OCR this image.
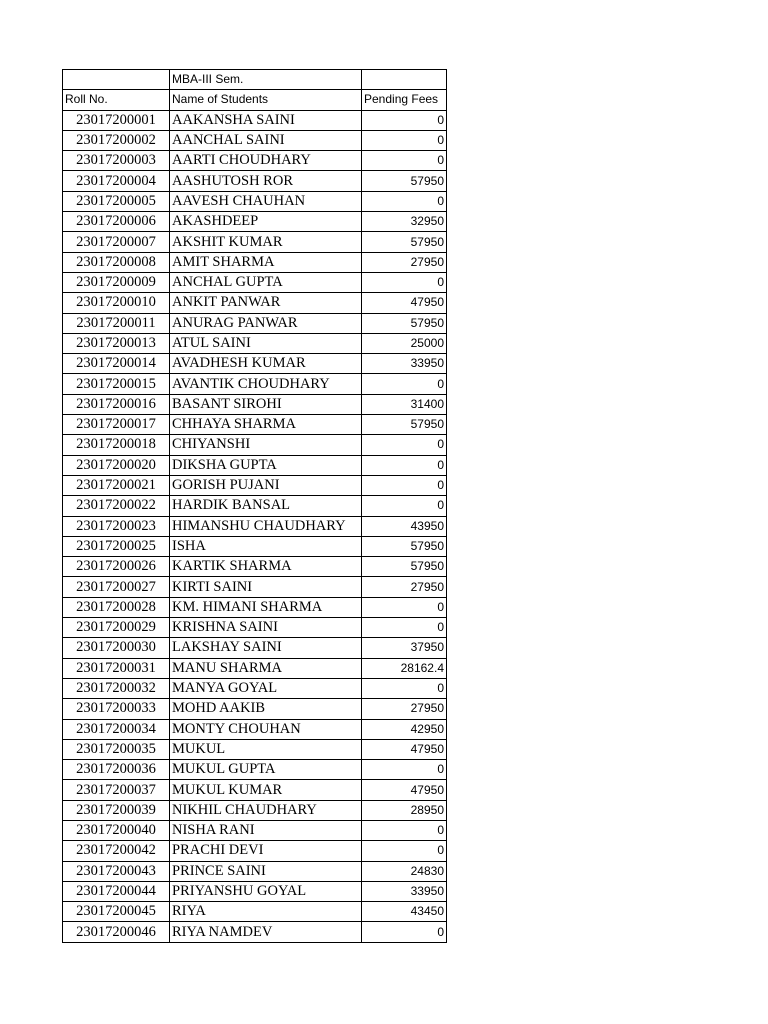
	MBA-III Sem.	
Roll No.	Name of Students	Pending Fees
23017200001	AAKANSHA SAINI	0
23017200002	AANCHAL SAINI	0
23017200003	AARTI CHOUDHARY	0
23017200004	AASHUTOSH ROR	57950
23017200005	AAVESH CHAUHAN	0
23017200006	AKASHDEEP	32950
23017200007	AKSHIT KUMAR	57950
23017200008	AMIT SHARMA	27950
23017200009	ANCHAL GUPTA	0
23017200010	ANKIT PANWAR	47950
23017200011	ANURAG PANWAR	57950
23017200013	ATUL SAINI	25000
23017200014	AVADHESH KUMAR	33950
23017200015	AVANTIK CHOUDHARY	0
23017200016	BASANT SIROHI	31400
23017200017	CHHAYA SHARMA	57950
23017200018	CHIYANSHI	0
23017200020	DIKSHA GUPTA	0
23017200021	GORISH PUJANI	0
23017200022	HARDIK BANSAL	0
23017200023	HIMANSHU CHAUDHARY	43950
23017200025	ISHA	57950
23017200026	KARTIK SHARMA	57950
23017200027	KIRTI SAINI	27950
23017200028	KM. HIMANI SHARMA	0
23017200029	KRISHNA SAINI	0
23017200030	LAKSHAY SAINI	37950
23017200031	MANU SHARMA	28162.4
23017200032	MANYA GOYAL	0
23017200033	MOHD AAKIB	27950
23017200034	MONTY CHOUHAN	42950
23017200035	MUKUL	47950
23017200036	MUKUL GUPTA	0
23017200037	MUKUL KUMAR	47950
23017200039	NIKHIL CHAUDHARY	28950
23017200040	NISHA RANI	0
23017200042	PRACHI DEVI	0
23017200043	PRINCE SAINI	24830
23017200044	PRIYANSHU GOYAL	33950
23017200045	RIYA	43450
23017200046	RIYA NAMDEV	0
